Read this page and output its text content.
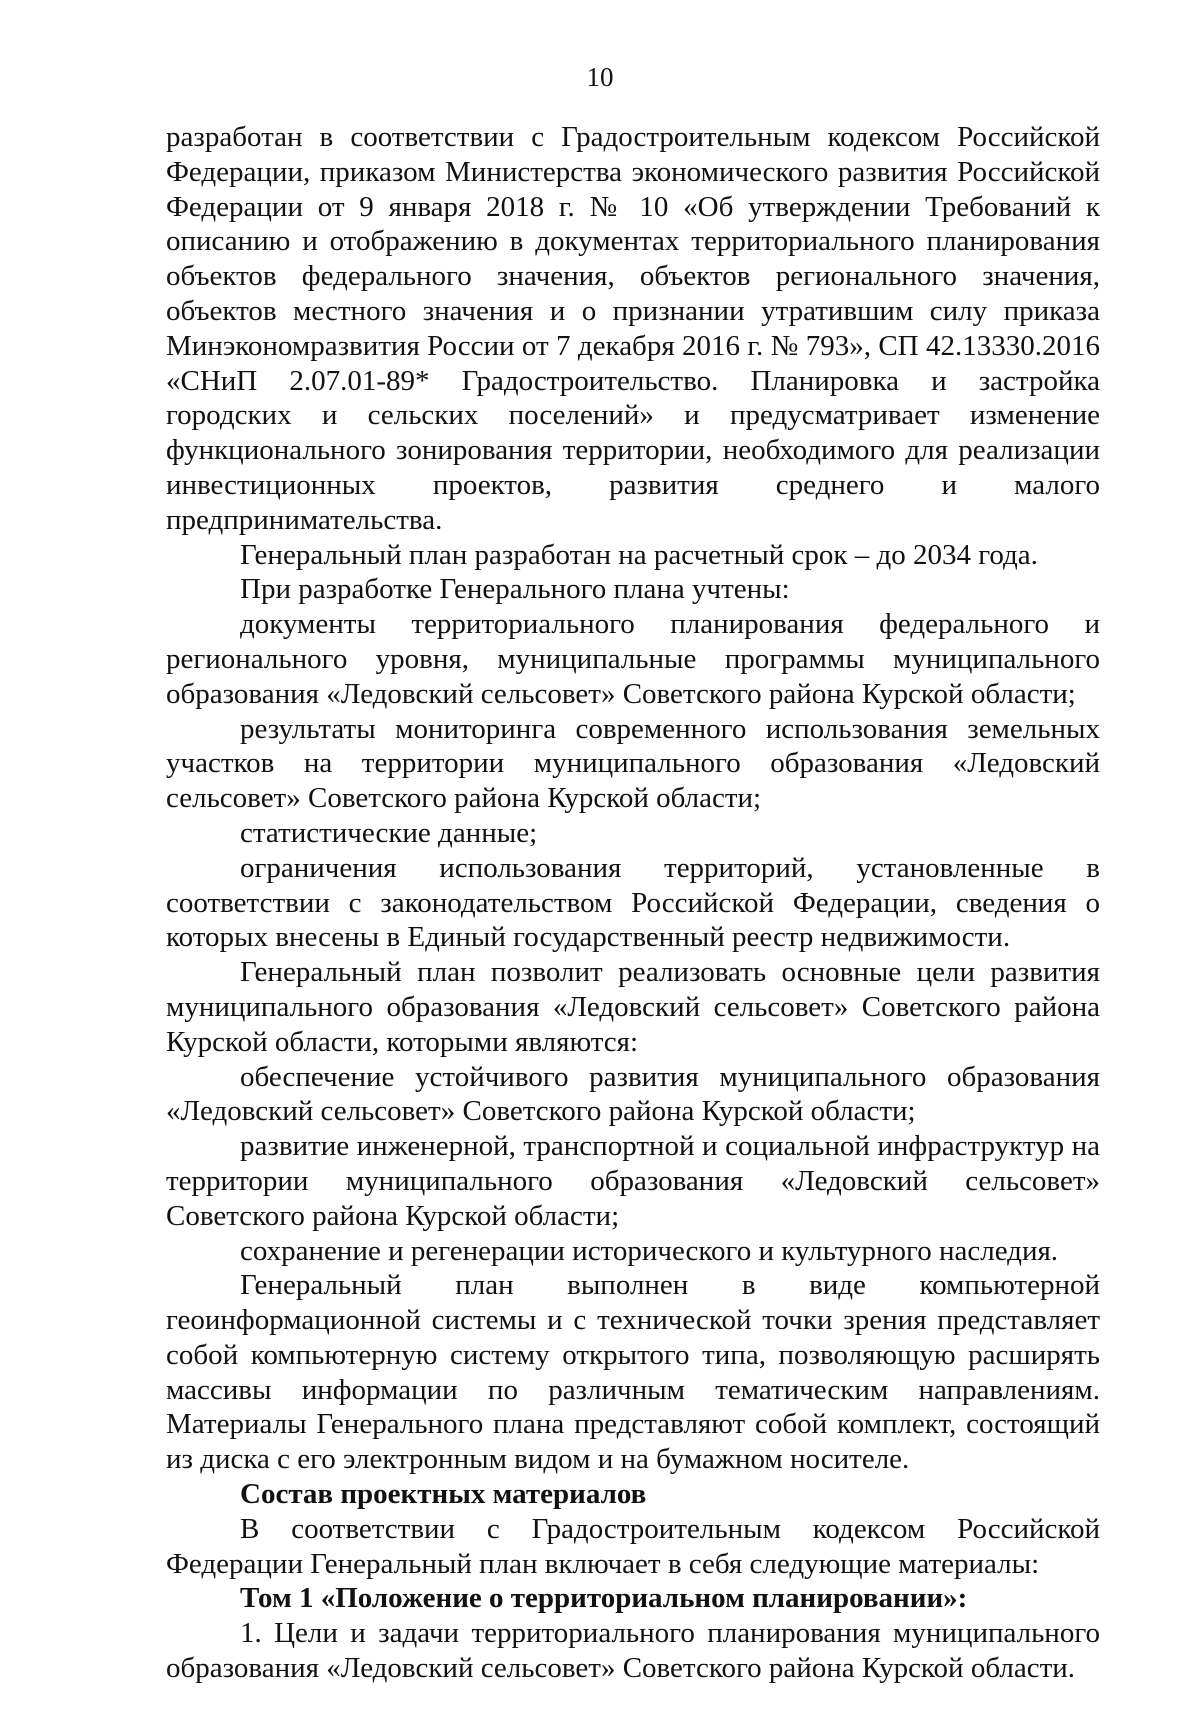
10

разработан в соответствии с Градостроительным кодексом Российской Федерации, приказом Министерства экономического развития Российской Федерации от 9 января 2018 г. № 10 «Об утверждении Требований к описанию и отображению в документах территориального планирования объектов федерального значения, объектов регионального значения, объектов местного значения и о признании утратившим силу приказа Минэкономразвития России от 7 декабря 2016 г. № 793», СП 42.13330.2016 «СНиП 2.07.01-89* Градостроительство. Планировка и застройка городских и сельских поселений» и предусматривает изменение функционального зонирования территории, необходимого для реализации инвестиционных проектов, развития среднего и малого предпринимательства.

Генеральный план разработан на расчетный срок – до 2034 года.

При разработке Генерального плана учтены:

документы территориального планирования федерального и регионального уровня, муниципальные программы муниципального образования «Ледовский сельсовет» Советского района Курской области;

результаты мониторинга современного использования земельных участков на территории муниципального образования «Ледовский сельсовет» Советского района Курской области;

статистические данные;

ограничения использования территорий, установленные в соответствии с законодательством Российской Федерации, сведения о которых внесены в Единый государственный реестр недвижимости.

Генеральный план позволит реализовать основные цели развития муниципального образования «Ледовский сельсовет» Советского района Курской области, которыми являются:

обеспечение устойчивого развития муниципального образования «Ледовский сельсовет» Советского района Курской области;

развитие инженерной, транспортной и социальной инфраструктур на территории муниципального образования «Ледовский сельсовет» Советского района Курской области;

сохранение и регенерации исторического и культурного наследия.

Генеральный план выполнен в виде компьютерной геоинформационной системы и с технической точки зрения представляет собой компьютерную систему открытого типа, позволяющую расширять массивы информации по различным тематическим направлениям. Материалы Генерального плана представляют собой комплект, состоящий из диска с его электронным видом и на бумажном носителе.

Состав проектных материалов

В соответствии с Градостроительным кодексом Российской Федерации Генеральный план включает в себя следующие материалы:

Том 1 «Положение о территориальном планировании»:

1. Цели и задачи территориального планирования муниципального образования «Ледовский сельсовет» Советского района Курской области.
